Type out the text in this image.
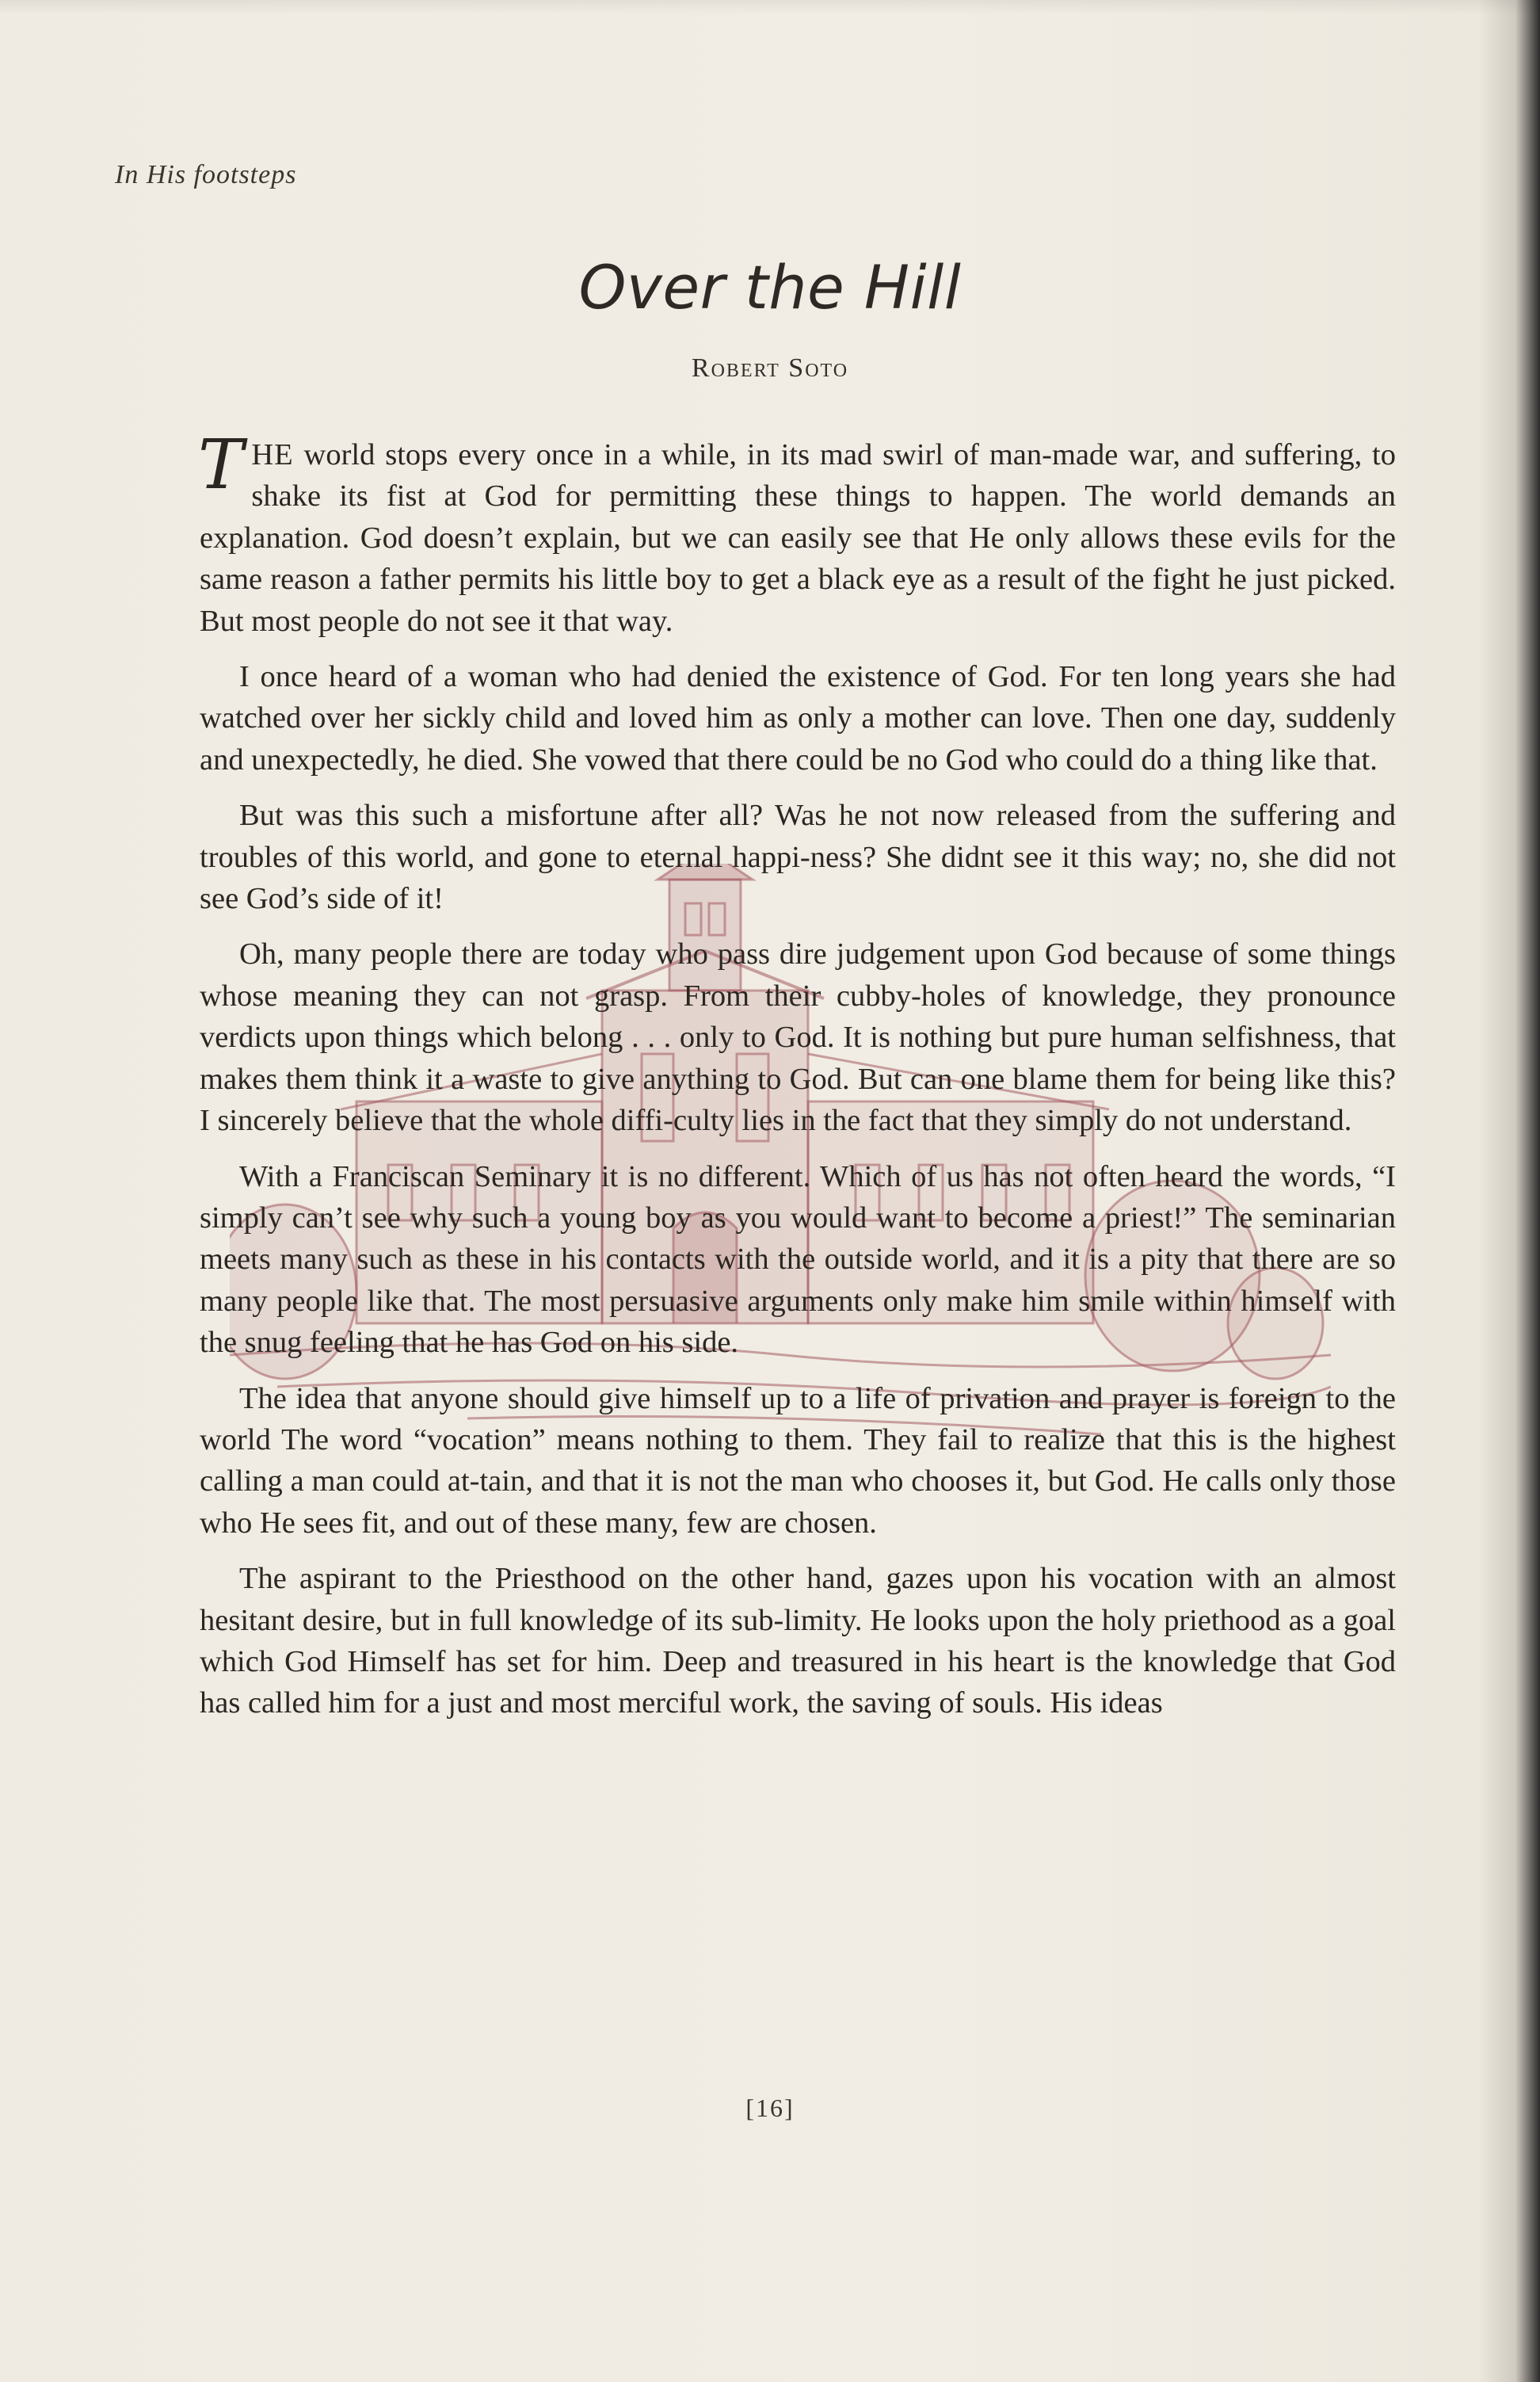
In His footsteps
Over the Hill
Robert Soto

THE world stops every once in a while, in its mad swirl of man-made war, and suffering, to shake its fist at God for permitting these things to happen. The world demands an explanation. God doesn’t explain, but we can easily see that He only allows these evils for the same reason a father permits his little boy to get a black eye as a result of the fight he just picked. But most people do not see it that way.

I once heard of a woman who had denied the existence of God. For ten long years she had watched over her sickly child and loved him as only a mother can love. Then one day, suddenly and unexpectedly, he died. She vowed that there could be no God who could do a thing like that.

But was this such a misfortune after all? Was he not now released from the suffering and troubles of this world, and gone to eternal happi-ness? She didnt see it this way; no, she did not see God’s side of it!

Oh, many people there are today who pass dire judgement upon God because of some things whose meaning they can not grasp. From their cubby-holes of knowledge, they pronounce verdicts upon things which belong . . . only to God. It is nothing but pure human selfishness, that makes them think it a waste to give anything to God. But can one blame them for being like this? I sincerely believe that the whole diffi-culty lies in the fact that they simply do not understand.

With a Franciscan Seminary it is no different. Which of us has not often heard the words, “I simply can’t see why such a young boy as you would want to become a priest!” The seminarian meets many such as these in his contacts with the outside world, and it is a pity that there are so many people like that. The most persuasive arguments only make him smile within himself with the snug feeling that he has God on his side.

The idea that anyone should give himself up to a life of privation and prayer is foreign to the world The word “vocation” means nothing to them. They fail to realize that this is the highest calling a man could at-tain, and that it is not the man who chooses it, but God. He calls only those who He sees fit, and out of these many, few are chosen.

The aspirant to the Priesthood on the other hand, gazes upon his vocation with an almost hesitant desire, but in full knowledge of its sub-limity. He looks upon the holy priethood as a goal which God Himself has set for him. Deep and treasured in his heart is the knowledge that God has called him for a just and most merciful work, the saving of souls. His ideas

[16]
